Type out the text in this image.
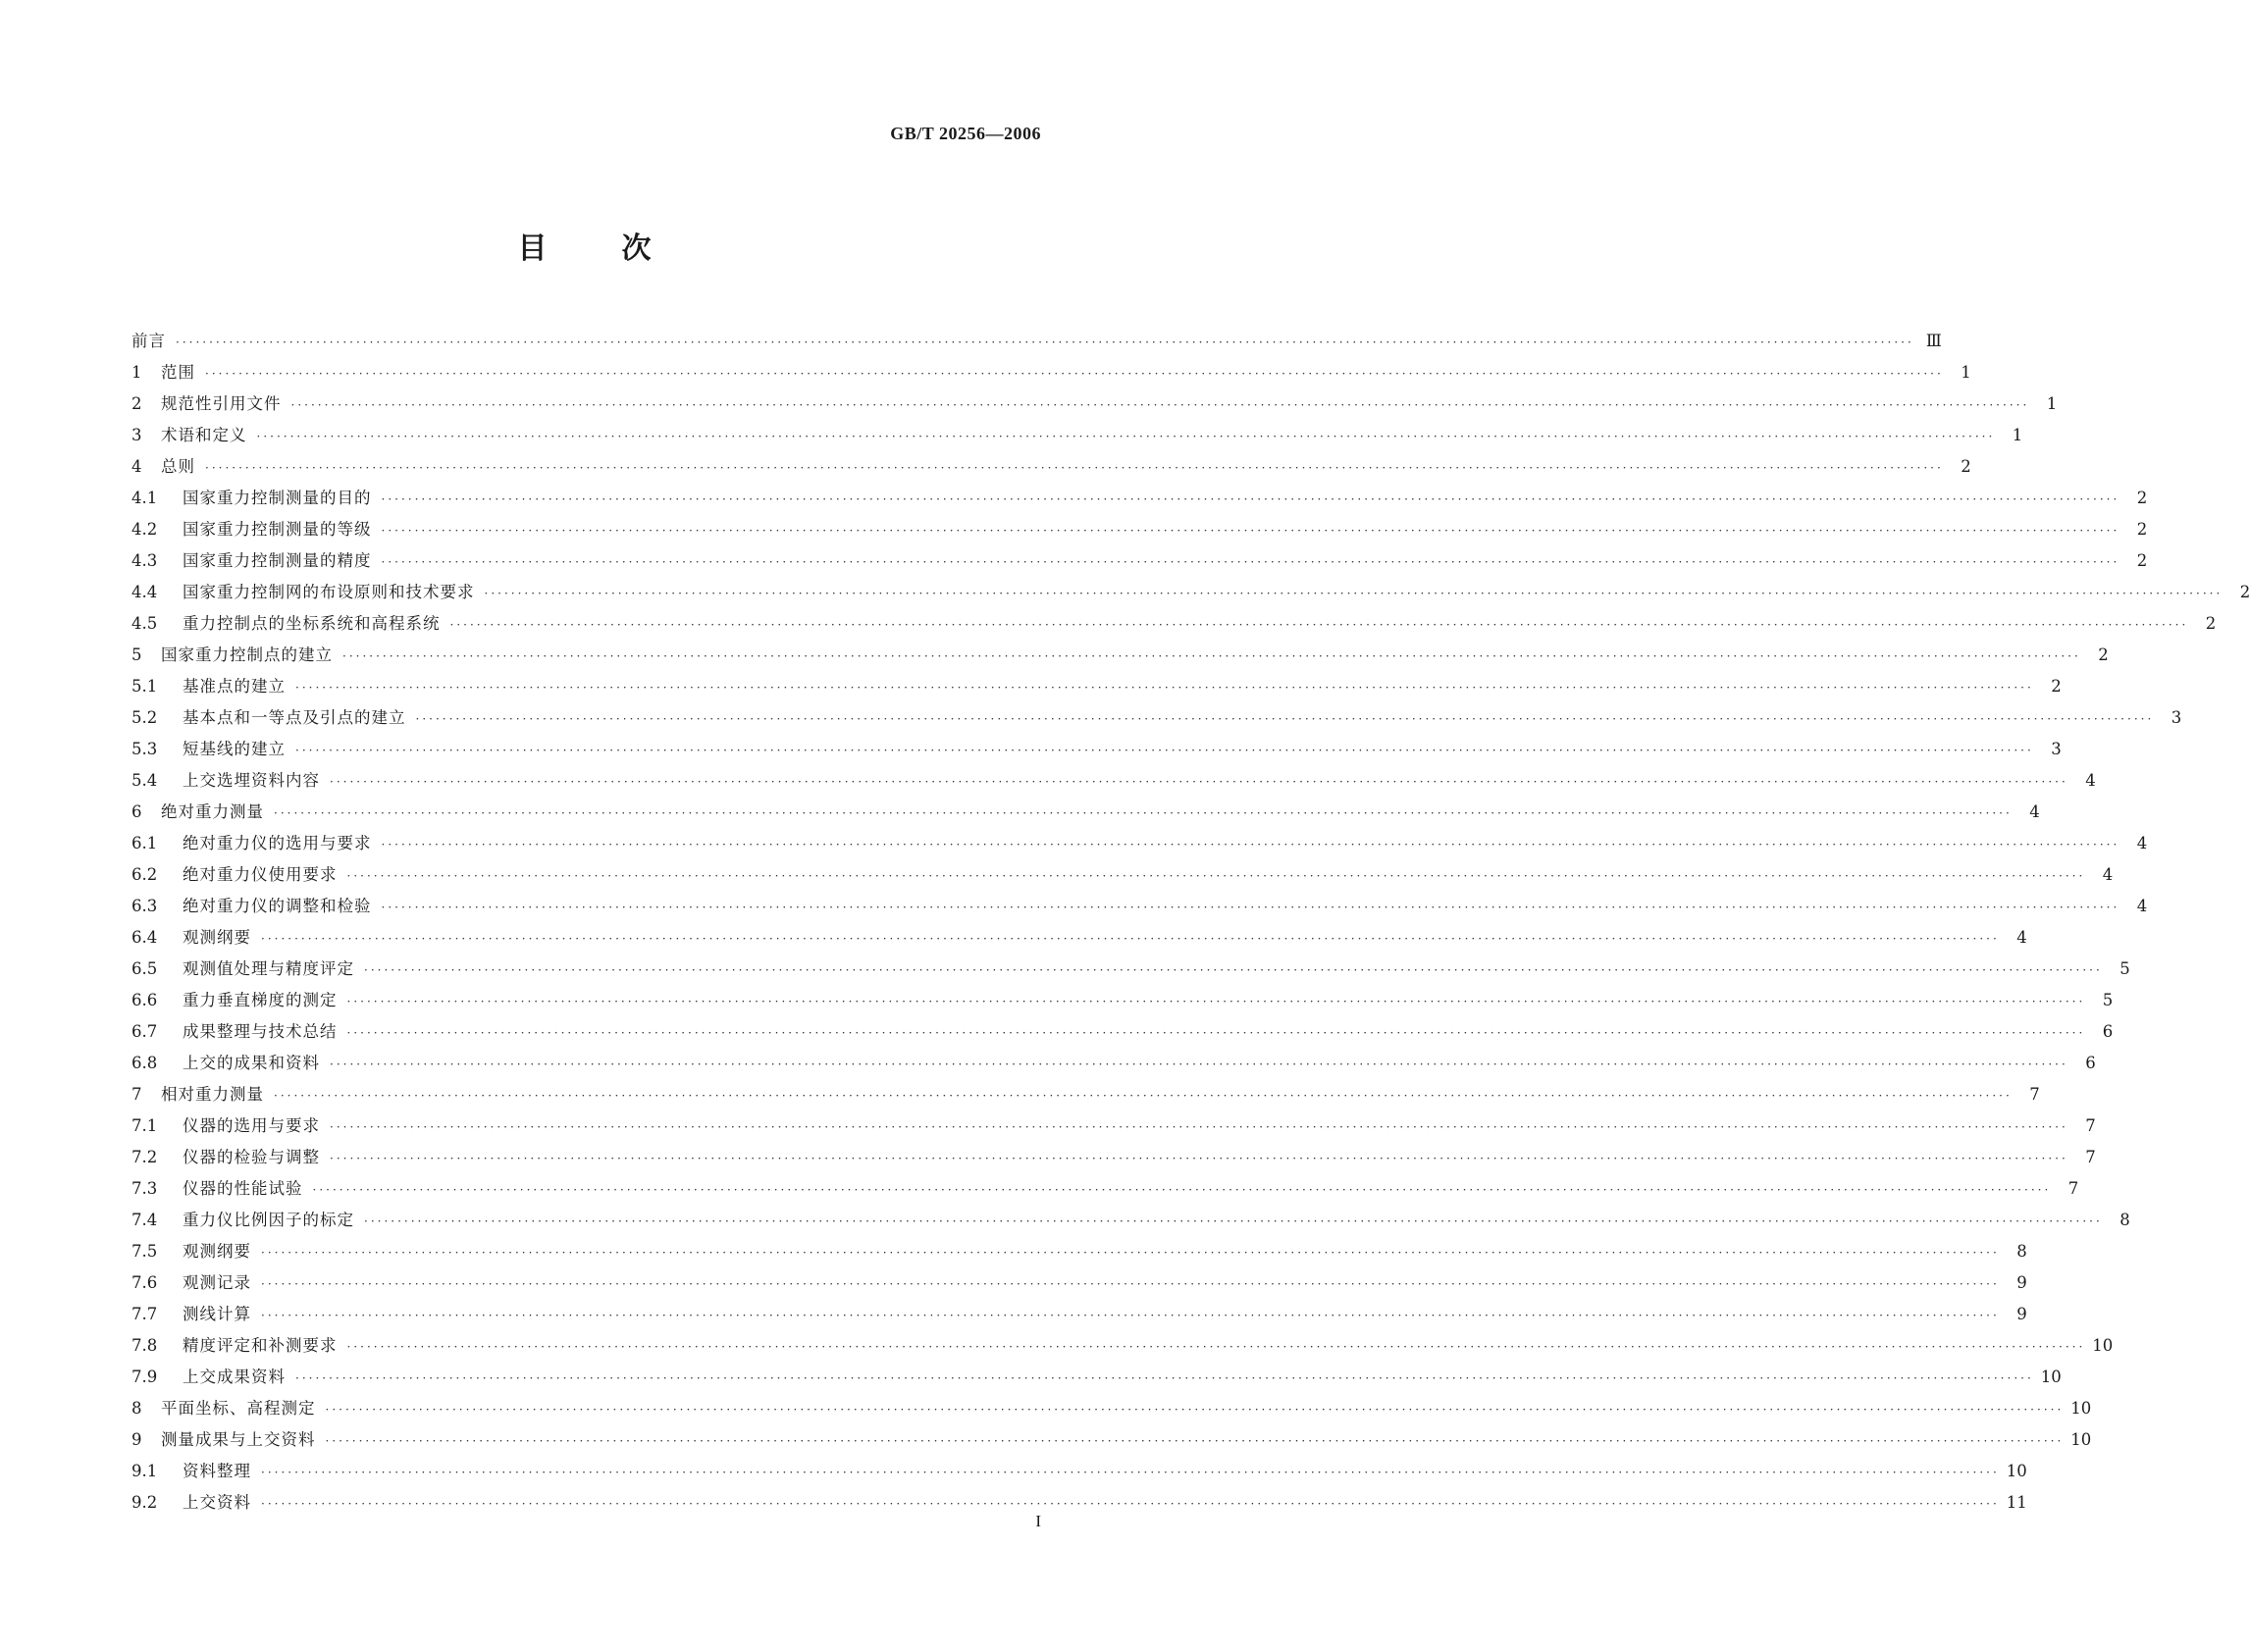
GB/T 20256—2006
目	次
前言 ···································································································································································································································································· Ⅲ
1	范围 ····································································································································································································································································	1
2	规范性引用文件 ····································································································································································································································································	1
3	术语和定义 ····································································································································································································································································	1
4	总则 ····································································································································································································································································	2
4.1	国家重力控制测量的目的 ····································································································································································································································································	2
4.2	国家重力控制测量的等级 ····································································································································································································································································	2
4.3	国家重力控制测量的精度 ····································································································································································································································································	2
4.4	国家重力控制网的布设原则和技术要求 ····································································································································································································································································	2
4.5	重力控制点的坐标系统和高程系统 ····································································································································································································································································	2
5	国家重力控制点的建立 ····································································································································································································································································	2
5.1	基准点的建立 ····································································································································································································································································	2
5.2	基本点和一等点及引点的建立 ····································································································································································································································································	3
5.3	短基线的建立 ····································································································································································································································································	3
5.4	上交选埋资料内容 ····································································································································································································································································	4
6	绝对重力测量 ····································································································································································································································································	4
6.1	绝对重力仪的选用与要求 ····································································································································································································································································	4
6.2	绝对重力仪使用要求 ····································································································································································································································································	4
6.3	绝对重力仪的调整和检验 ····································································································································································································································································	4
6.4	观测纲要 ····································································································································································································································································	4
6.5	观测值处理与精度评定 ····································································································································································································································································	5
6.6	重力垂直梯度的测定 ····································································································································································································································································	5
6.7	成果整理与技术总结 ····································································································································································································································································	6
6.8	上交的成果和资料 ····································································································································································································································································	6
7	相对重力测量 ····································································································································································································································································	7
7.1	仪器的选用与要求 ····································································································································································································································································	7
7.2	仪器的检验与调整 ····································································································································································································································································	7
7.3	仪器的性能试验 ····································································································································································································································································	7
7.4	重力仪比例因子的标定 ····································································································································································································································································	8
7.5	观测纲要 ····································································································································································································································································	8
7.6	观测记录 ····································································································································································································································································	9
7.7	测线计算 ····································································································································································································································································	9
7.8	精度评定和补测要求 ···································································································································································································································································· 10
7.9	上交成果资料 ···································································································································································································································································· 10
8	平面坐标、高程测定 ···································································································································································································································································· 10
9	测量成果与上交资料 ···································································································································································································································································· 10
9.1	资料整理 ···································································································································································································································································· 10
9.2	上交资料 ···································································································································································································································································· 11
I
